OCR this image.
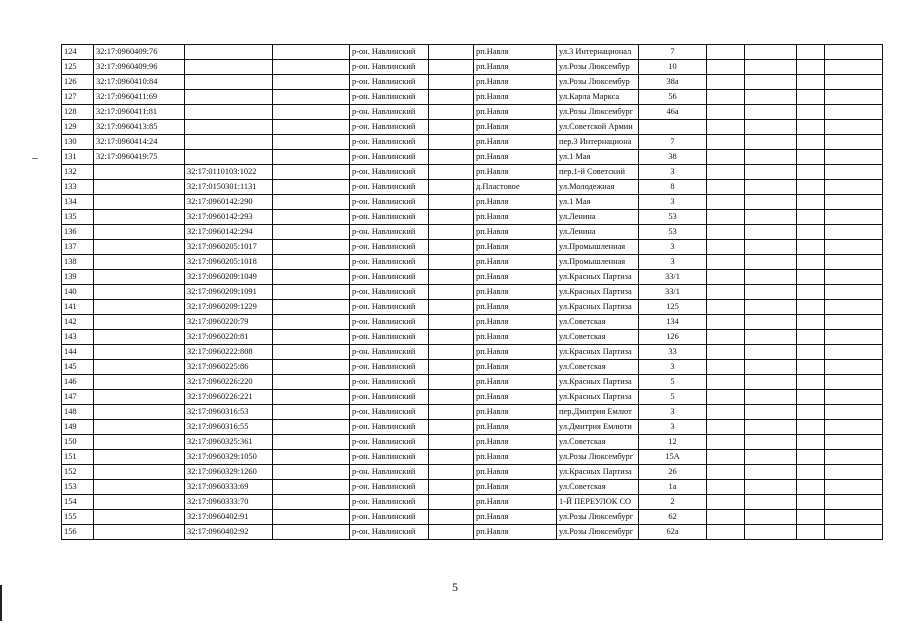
124	32:17:0960409:76			р-он. Навлинский		рп.Навля	ул.3 Интернационал	7				
125	32:17:0960409:96			р-он. Навлинский		рп.Навля	ул.Розы Люксембур	10				
126	32:17:0960410:84			р-он. Навлинский		рп.Навля	ул.Розы Люксембур	38а				
127	32:17:0960411:69			р-он. Навлинский		рп.Навля	ул.Карла Маркса	56				
128	32:17:0960411:81			р-он. Навлинский		рп.Навля	ул.Розы Люксембург	46а				
129	32:17:0960413:85			р-он. Навлинский		рп.Навля	ул.Советской Армии					
130	32:17:0960414:24			р-он. Навлинский		рп.Навля	пер.3 Интернациона	7				
131	32:17:0960419:75			р-он. Навлинский		рп.Навля	ул.1 Мая	38				
132		32:17:0110103:1022		р-он. Навлинский		рп.Навля	пер.1-й Советский	3				
133		32:17:0150301:1131		р-он. Навлинский		д.Пластовое	ул.Молодежная	8				
134		32:17:0960142:290		р-он. Навлинский		рп.Навля	ул.1 Мая	3				
135		32:17:0960142:293		р-он. Навлинский		рп.Навля	ул.Ленина	53				
136		32:17:0960142:294		р-он. Навлинский		рп.Навля	ул.Ленина	53				
137		32:17:0960205:1017		р-он. Навлинский		рп.Навля	ул.Промышленная	3				
138		32:17:0960205:1018		р-он. Навлинский		рп.Навля	ул.Промышленная	3				
139		32:17:0960209:1049		р-он. Навлинский		рп.Навля	ул.Красных Партиза	33/1				
140		32:17:0960209:1091		р-он. Навлинский		рп.Навля	ул.Красных Партиза	33/1				
141		32:17:0960209:1229		р-он. Навлинский		рп.Навля	ул.Красных Партиза	125				
142		32:17:0960220:79		р-он. Навлинский		рп.Навля	ул.Советская	134				
143		32:17:0960220:81		р-он. Навлинский		рп.Навля	ул.Советская	126				
144		32:17:0960222:808		р-он. Навлинский		рп.Навля	ул.Красных Партиза	33				
145		32:17:0960225:86		р-он. Навлинский		рп.Навля	ул.Советская	3				
146		32:17:0960226:220		р-он. Навлинский		рп.Навля	ул.Красных Партиза	5				
147		32:17:0960226:221		р-он. Навлинский		рп.Навля	ул.Красных Партиза	5				
148		32:17:0960316:53		р-он. Навлинский		рп.Навля	пер.Дмитрия Емлют	3				
149		32:17:0960316:55		р-он. Навлинский		рп.Навля	ул.Дмитрия Емлюти	3				
150		32:17:0960325:361		р-он. Навлинский		рп.Навля	ул.Советская	12				
151		32:17:0960329:1050		р-он. Навлинский		рп.Навля	ул.Розы Люксембург	15А				
152		32:17:0960329:1260		р-он. Навлинский		рп.Навля	ул.Красных Партиза	26				
153		32:17:0960333:69		р-он. Навлинский		рп.Навля	ул.Советская	1а				
154		32:17:0960333:70		р-он. Навлинский		рп.Навля	1-Й ПЕРЕУЛОК СО	2				
155		32:17:0960402:91		р-он. Навлинский		рп.Навля	ул.Розы Люксембург	62				
156		32:17:0960402:92		р-он. Навлинский		рп.Навля	ул.Розы Люксембург	62а				
5
